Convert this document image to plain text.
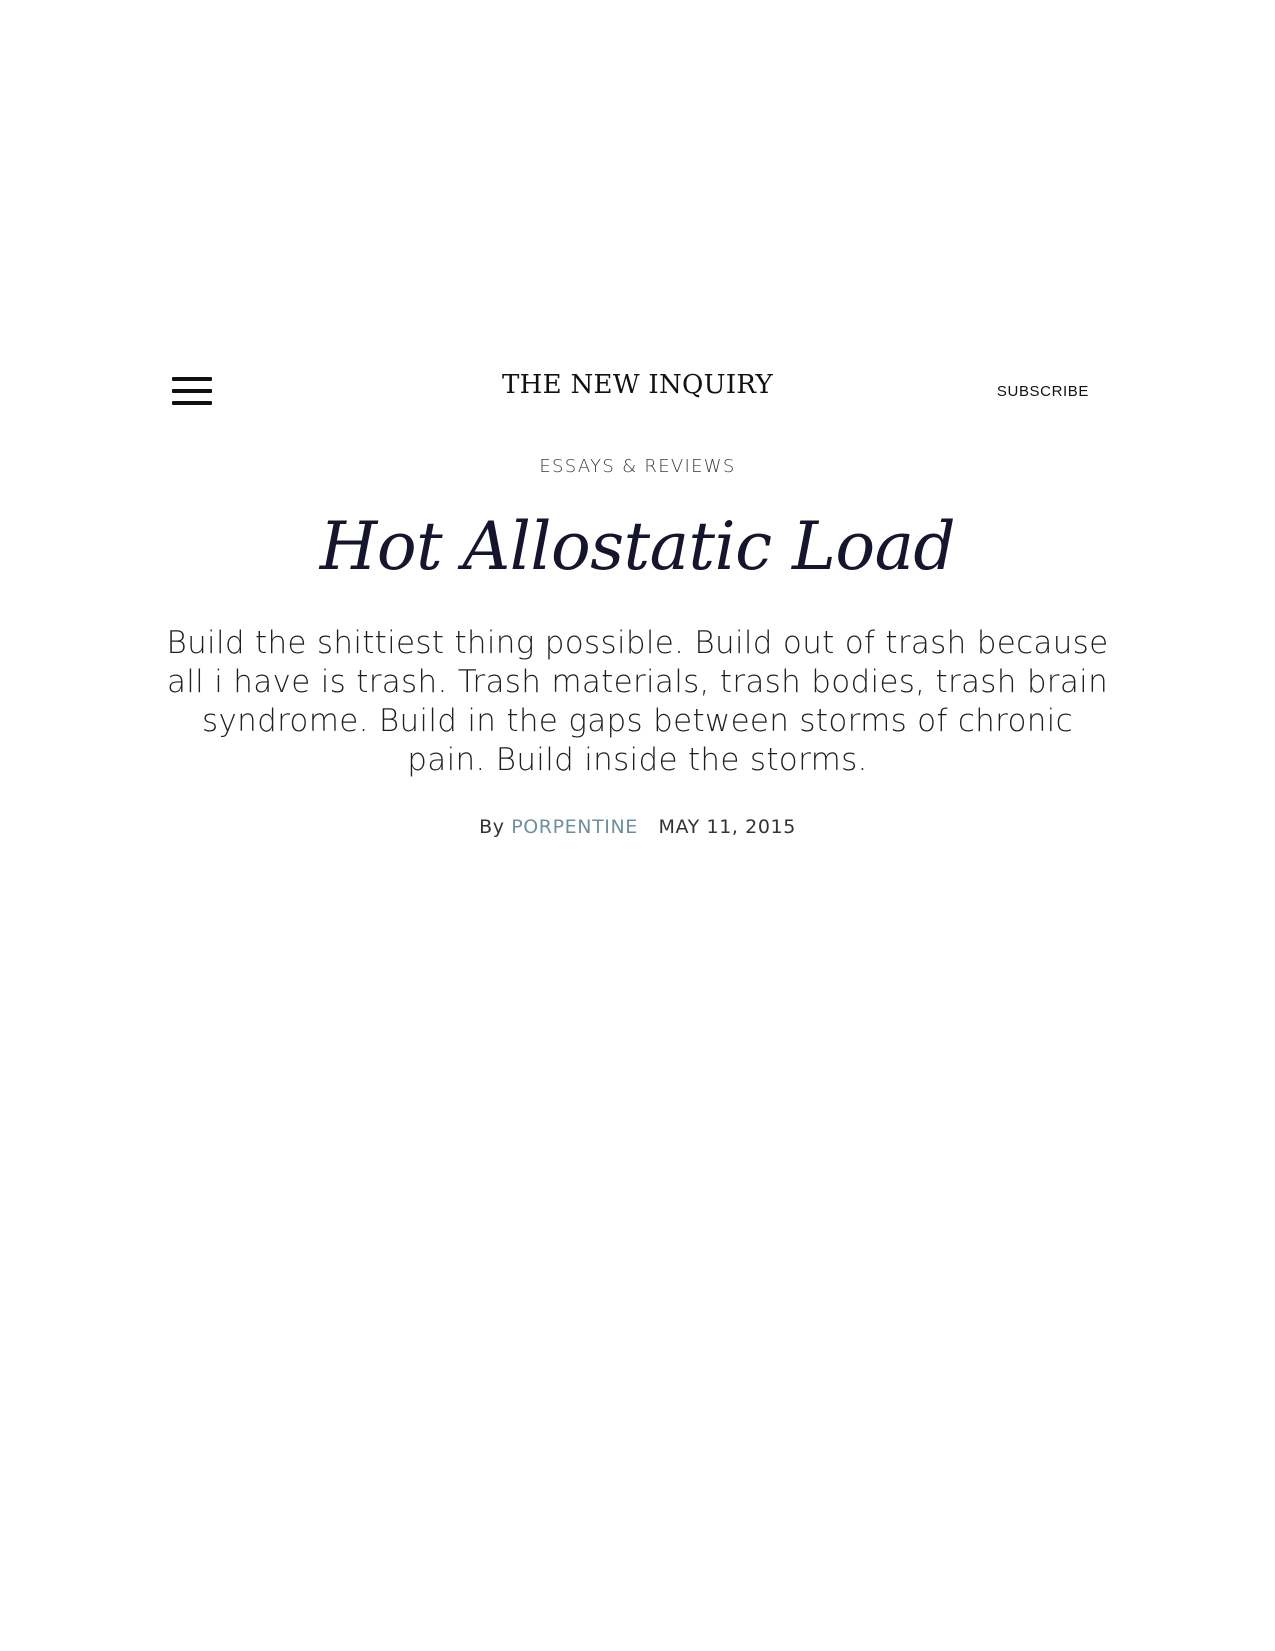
THE NEW INQUIRY	SUBSCRIBE
ESSAYS & REVIEWS
Hot Allostatic Load

Build the shittiest thing possible. Build out of trash because all i have is trash. Trash materials, trash bodies, trash brain syndrome. Build in the gaps between storms of chronic pain. Build inside the storms.

By PORPENTINE MAY 11, 2015
